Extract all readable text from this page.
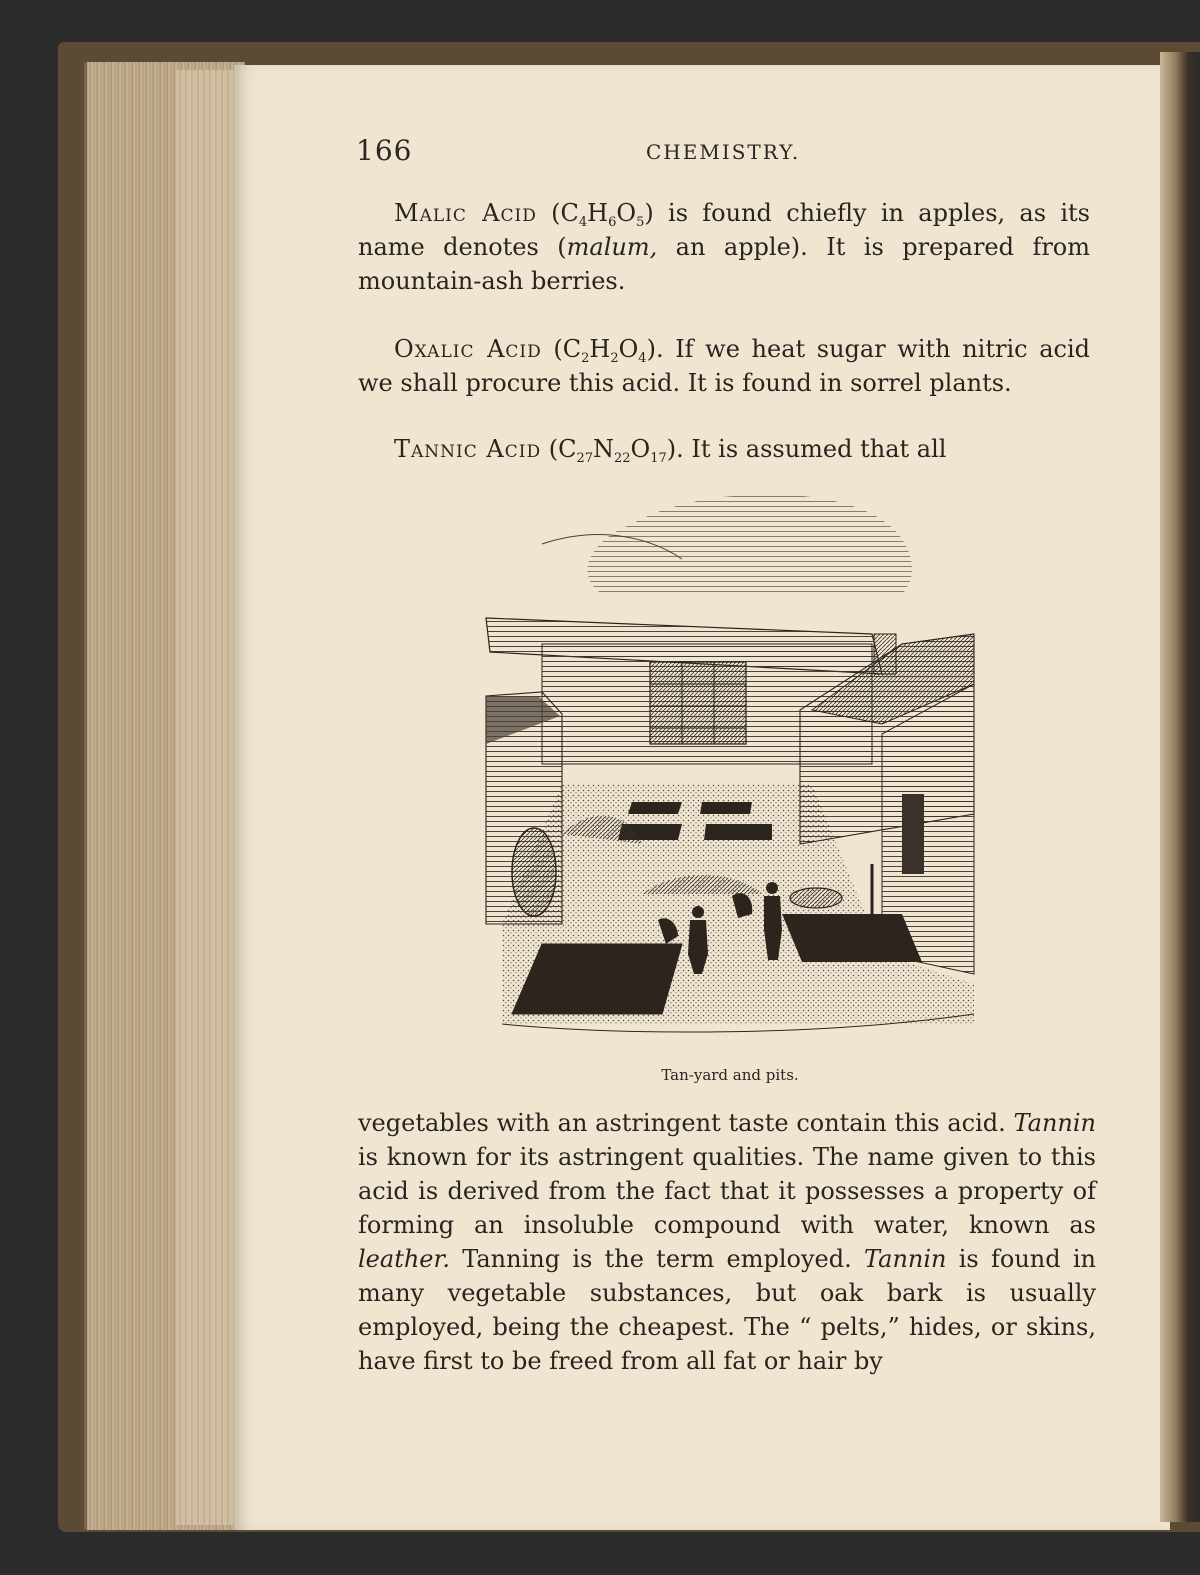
166	CHEMISTRY.
Malic Acid $(C_4H_6O_5)$ is found chiefly in apples, as its name denotes (malum, an apple). It is prepared from mountain-ash berries.
Oxalic Acid $(C_2H_2O_4)$. If we heat sugar with nitric acid we shall procure this acid. It is found in sorrel plants.
Tannic Acid $(C_{27}N_{22}O_{17})$. It is assumed that all
Tan-yard and pits.
vegetables with an astringent taste contain this acid. Tannin is known for its astringent qualities. The name given to this acid is derived from the fact that it possesses a property of forming an insoluble compound with water, known as leather. Tanning is the term employed. Tannin is found in many vegetable substances, but oak bark is usually employed, being the cheapest. The “ pelts,” hides, or skins, have first to be freed from all fat or hair by
